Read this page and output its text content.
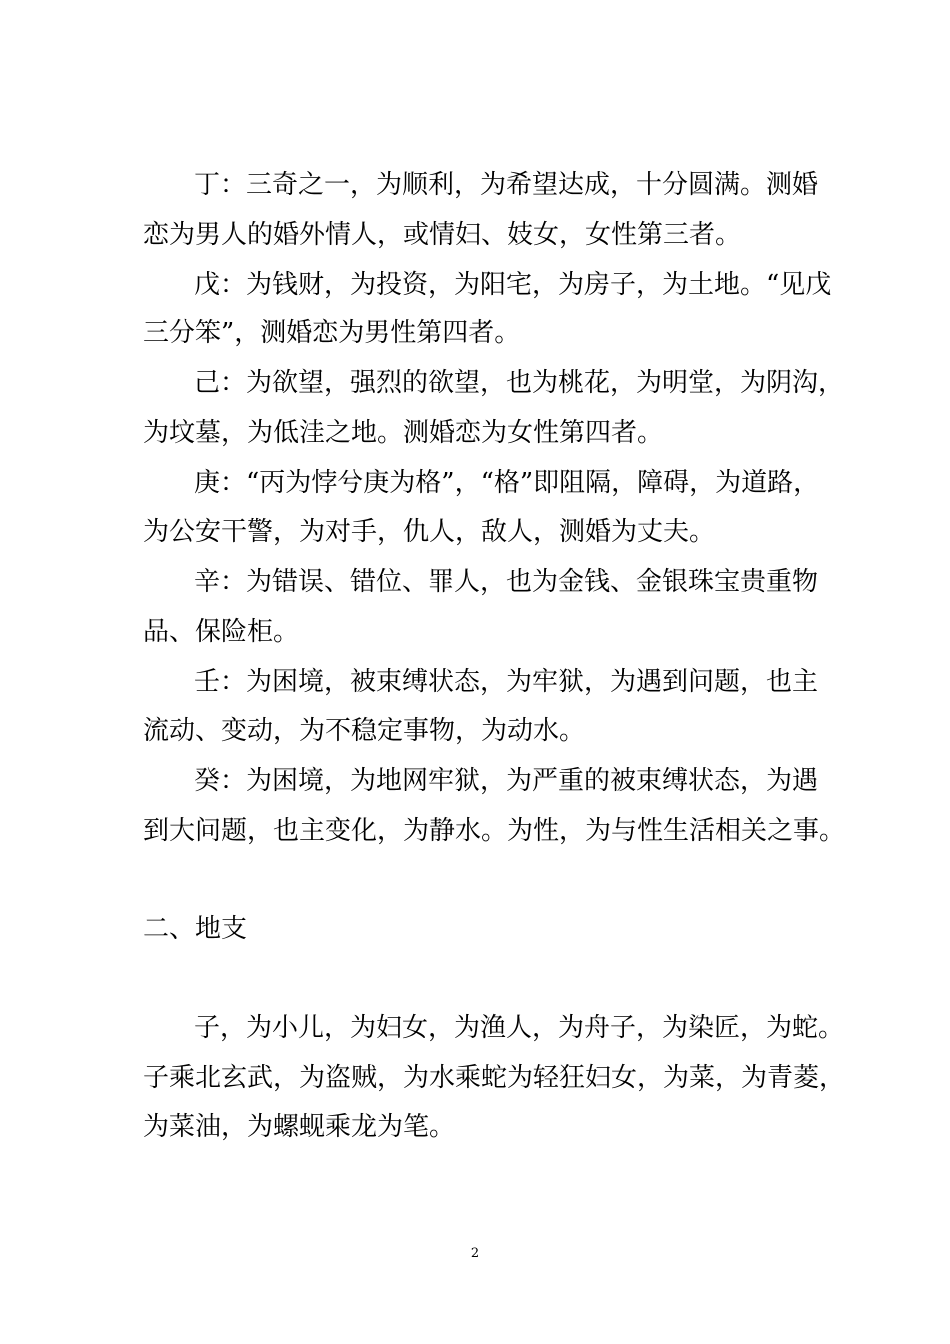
丁：三奇之一，为顺利，为希望达成，十分圆满。测婚
恋为男人的婚外情人，或情妇、妓女，女性第三者。
戊：为钱财，为投资，为阳宅，为房子，为土地。“见戊
三分笨”，测婚恋为男性第四者。
己：为欲望，强烈的欲望，也为桃花，为明堂，为阴沟，
为坟墓，为低洼之地。测婚恋为女性第四者。
庚：“丙为悖兮庚为格”，“格”即阻隔，障碍，为道路，
为公安干警，为对手，仇人，敌人，测婚为丈夫。
辛：为错误、错位、罪人，也为金钱、金银珠宝贵重物
品、保险柜。
壬：为困境，被束缚状态，为牢狱，为遇到问题，也主
流动、变动，为不稳定事物，为动水。
癸：为困境，为地网牢狱，为严重的被束缚状态，为遇
到大问题，也主变化，为静水。为性，为与性生活相关之事。
二、地支
子，为小儿，为妇女，为渔人，为舟子，为染匠，为蛇。
子乘北玄武，为盗贼，为水乘蛇为轻狂妇女，为菜，为青菱，
为菜油，为螺蚬乘龙为笔。
2
